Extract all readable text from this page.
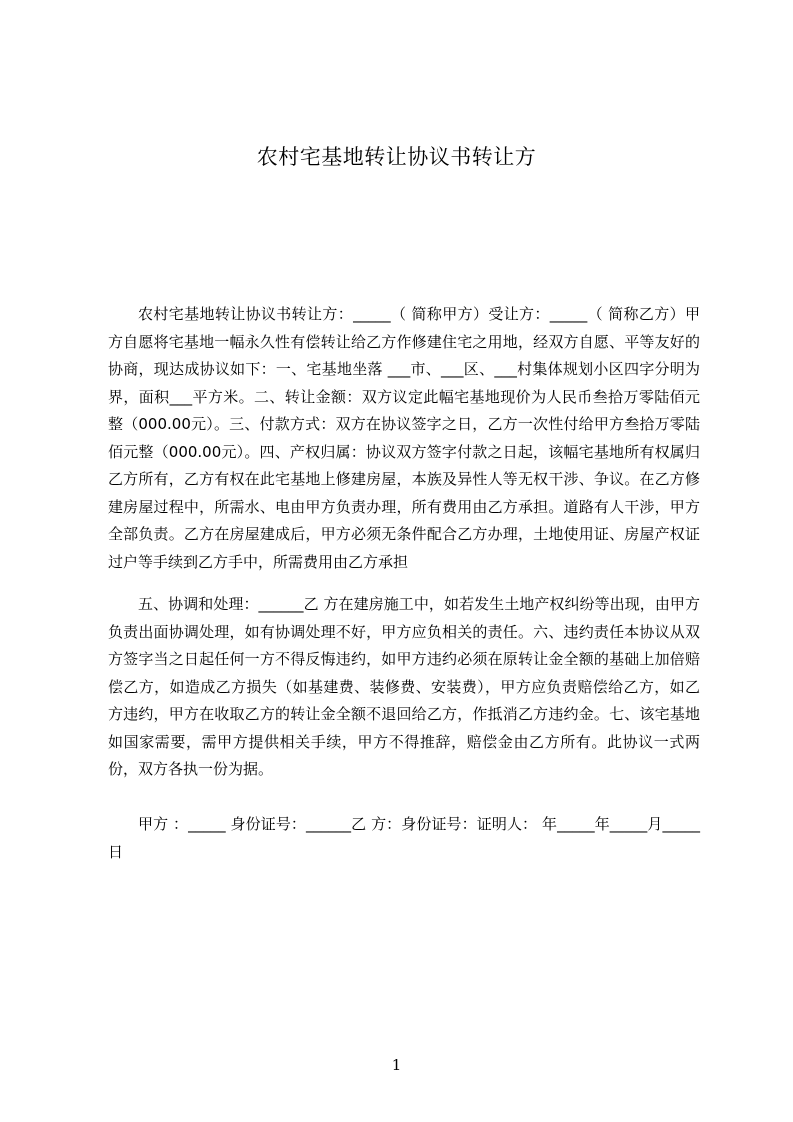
农村宅基地转让协议书转让方

农村宅基地转让协议书转让方：_____（ 简称甲方）受让方：_____（ 简称乙方）甲方自愿将宅基地一幅永久性有偿转让给乙方作修建住宅之用地，经双方自愿、平等友好的协商，现达成协议如下：一、宅基地坐落 ___市、___区、___村集体规划小区四字分明为界，面积___平方米。二、转让金额：双方议定此幅宅基地现价为人民币叁拾万零陆佰元整（000.00元）。三、付款方式：双方在协议签字之日，乙方一次性付给甲方叁拾万零陆佰元整（000.00元）。四、产权归属：协议双方签字付款之日起，该幅宅基地所有权属归 乙方所有，乙方有权在此宅基地上修建房屋，本族及异性人等无权干涉、争议。在乙方修建房屋过程中，所需水、电由甲方负责办理，所有费用由乙方承担。道路有人干涉，甲方全部负责。乙方在房屋建成后，甲方必须无条件配合乙方办理，土地使用证、房屋产权证过户等手续到乙方手中，所需费用由乙方承担

五、协调和处理：______乙 方在建房施工中，如若发生土地产权纠纷等出现，由甲方负责出面协调处理，如有协调处理不好，甲方应负相关的责任。六、违约责任本协议从双方签字当之日起任何一方不得反悔违约，如甲方违约必须在原转让金全额的基础上加倍赔偿乙方，如造成乙方损失（如基建费、装修费、安装费），甲方应负责赔偿给乙方，如乙方违约，甲方在收取乙方的转让金全额不退回给乙方，作抵消乙方违约金。七、该宅基地如国家需要，需甲方提供相关手续，甲方不得推辞，赔偿金由乙方所有。此协议一式两份，双方各执一份为据。

甲方 ：_____ 身份证号：______乙 方：身份证号：证明人： 年_____年_____月_____日

1
